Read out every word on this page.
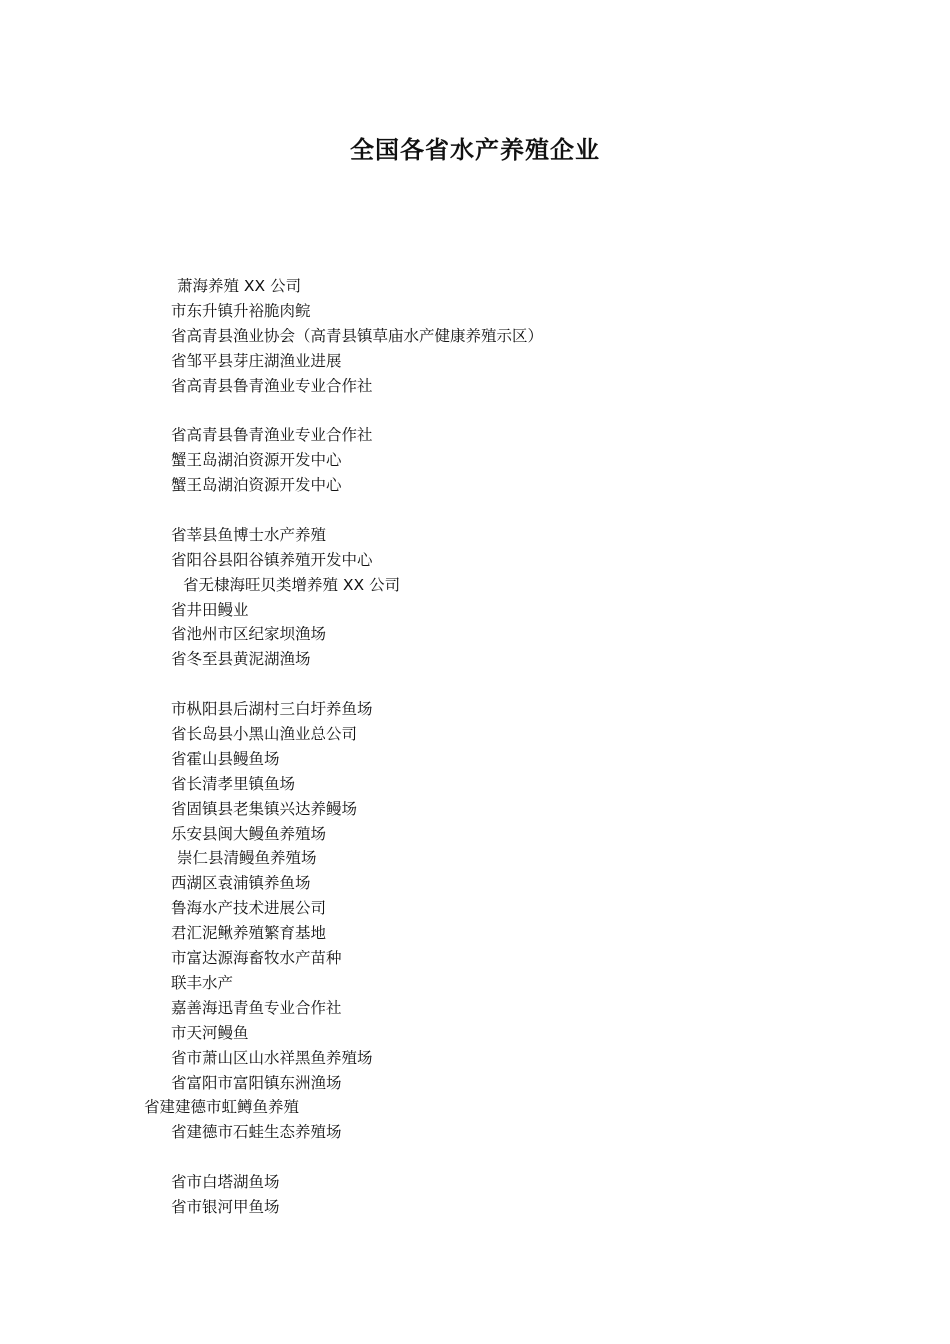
全国各省水产养殖企业
萧海养殖 XX 公司
市东升镇升裕脆肉鲩
省高青县渔业协会（高青县镇草庙水产健康养殖示区）
省邹平县芽庄湖渔业进展
省高青县鲁青渔业专业合作社
省高青县鲁青渔业专业合作社
蟹王岛湖泊资源开发中心
蟹王岛湖泊资源开发中心
省莘县鱼博士水产养殖
省阳谷县阳谷镇养殖开发中心
省无棣海旺贝类增养殖 XX 公司
省井田鳗业
省池州市区纪家坝渔场
省冬至县黄泥湖渔场
市枞阳县后湖村三白圩养鱼场
省长岛县小黑山渔业总公司
省霍山县鳗鱼场
省长清孝里镇鱼场
省固镇县老集镇兴达养鳗场
乐安县闽大鳗鱼养殖场
崇仁县清鳗鱼养殖场
西湖区袁浦镇养鱼场
鲁海水产技术进展公司
君汇泥鳅养殖繁育基地
市富达源海畜牧水产苗种
联丰水产
嘉善海迅青鱼专业合作社
市天河鳗鱼
省市萧山区山水祥黑鱼养殖场
省富阳市富阳镇东洲渔场
省建建德市虹鳟鱼养殖
省建德市石蛙生态养殖场
省市白塔湖鱼场
省市银河甲鱼场
